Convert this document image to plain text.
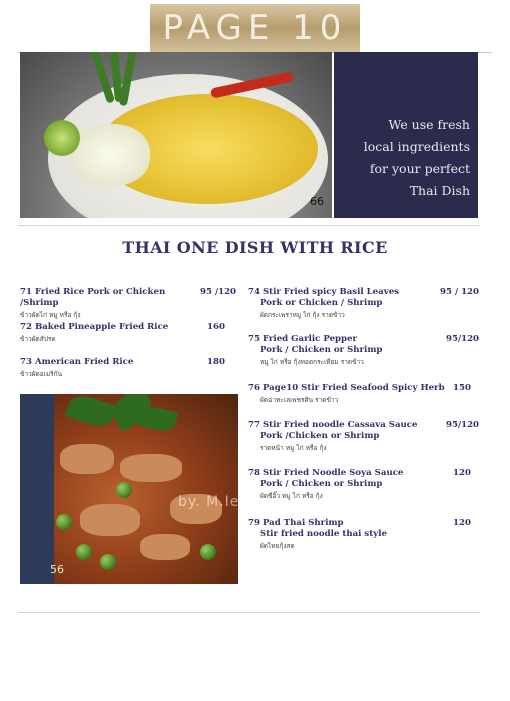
PAGE 10
66
We use fresh
local ingredients
for your perfect
Thai Dish
THAI ONE DISH WITH RICE
71 Fried Rice Pork or Chicken /Shrimp
ข้าวผัดไก่ หมู หรือ กุ้ง
95 /120
72 Baked Pineapple Fried Rice
ข้าวผัดสัปรด
160
73 American Fried Rice
ข้าวผัดอเมริกัน
180
56
by. M.Ie
74 Stir Fried spicy Basil Leaves
Pork or Chicken / Shrimp
ผัดกระเพราหมู ไก่ กุ้ง ราดข้าว
95 / 120
75 Fried Garlic Pepper
Pork / Chicken or Shrimp
หมู ไก่ หรือ กุ้งทอดกระเทียม ราดข้าว
95/120
76 Page10 Stir Fried Seafood Spicy Herb
ผัดฉ่าทะเลเพชรศิน ราดข้าว
150
77 Stir Fried noodle Cassava Sauce
Pork /Chicken or Shrimp
ราดหน้า หมู ไก่ หรือ กุ้ง
95/120
78 Stir Fried Noodle Soya Sauce
Pork / Chicken or Shrimp
ผัดซีอิ๊ว หมู ไก่ หรือ กุ้ง
120
79 Pad Thai Shrimp
Stir fried noodle thai style
ผัดไทยกุ้งสด
120
